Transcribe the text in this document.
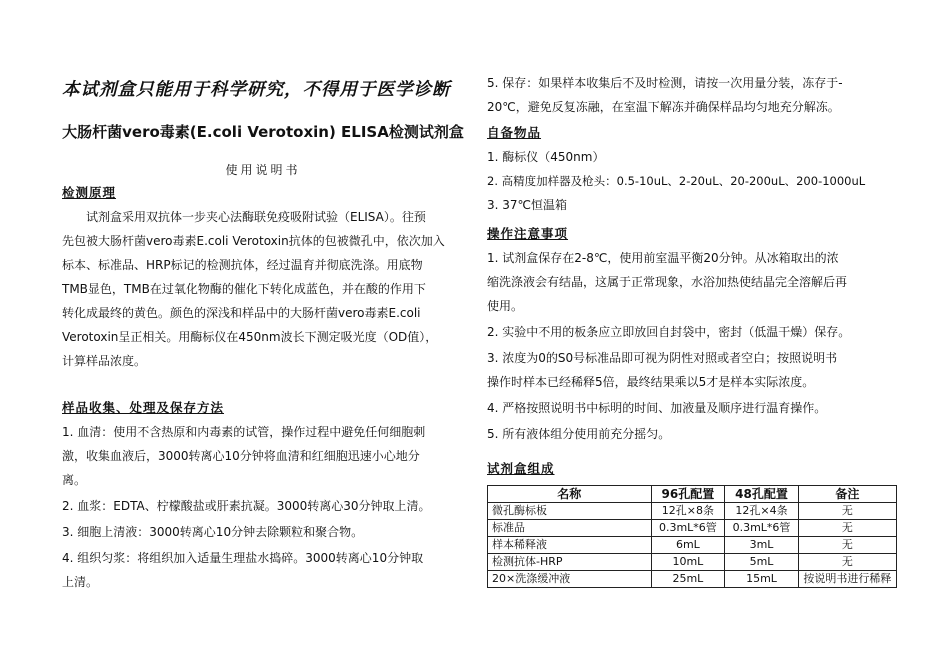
本试剂盒只能用于科学研究，不得用于医学诊断
大肠杆菌vero毒素(E.coli Verotoxin) ELISA检测试剂盒
使用说明书
检测原理
试剂盒采用双抗体一步夹心法酶联免疫吸附试验（ELISA）。往预
先包被大肠杆菌vero毒素E.coli Verotoxin抗体的包被微孔中，依次加入
标本、标准品、HRP标记的检测抗体，经过温育并彻底洗涤。用底物
TMB显色，TMB在过氧化物酶的催化下转化成蓝色，并在酸的作用下
转化成最终的黄色。颜色的深浅和样品中的大肠杆菌vero毒素E.coli
Verotoxin呈正相关。用酶标仪在450nm波长下测定吸光度（OD值），
计算样品浓度。
样品收集、处理及保存方法
1. 血清：使用不含热原和内毒素的试管，操作过程中避免任何细胞刺
激，收集血液后，3000转离心10分钟将血清和红细胞迅速小心地分
离。
2. 血浆：EDTA、柠檬酸盐或肝素抗凝。3000转离心30分钟取上清。
3. 细胞上清液：3000转离心10分钟去除颗粒和聚合物。
4. 组织匀浆：将组织加入适量生理盐水捣碎。3000转离心10分钟取
上清。
5. 保存：如果样本收集后不及时检测，请按一次用量分装，冻存于-
20℃，避免反复冻融，在室温下解冻并确保样品均匀地充分解冻。
自备物品
1. 酶标仪（450nm）
2. 高精度加样器及枪头：0.5-10uL、2-20uL、20-200uL、200-1000uL
3. 37℃恒温箱
操作注意事项
1. 试剂盒保存在2-8℃，使用前室温平衡20分钟。从冰箱取出的浓
缩洗涤液会有结晶，这属于正常现象，水浴加热使结晶完全溶解后再
使用。
2. 实验中不用的板条应立即放回自封袋中，密封（低温干燥）保存。
3. 浓度为0的S0号标准品即可视为阴性对照或者空白；按照说明书
操作时样本已经稀释5倍，最终结果乘以5才是样本实际浓度。
4. 严格按照说明书中标明的时间、加液量及顺序进行温育操作。
5. 所有液体组分使用前充分摇匀。
试剂盒组成
名称	96孔配置	48孔配置	备注
微孔酶标板	12孔×8条	12孔×4条	无
标准品	0.3mL*6管	0.3mL*6管	无
样本稀释液	6mL	3mL	无
检测抗体-HRP	10mL	5mL	无
20×洗涤缓冲液	25mL	15mL	按说明书进行稀释
